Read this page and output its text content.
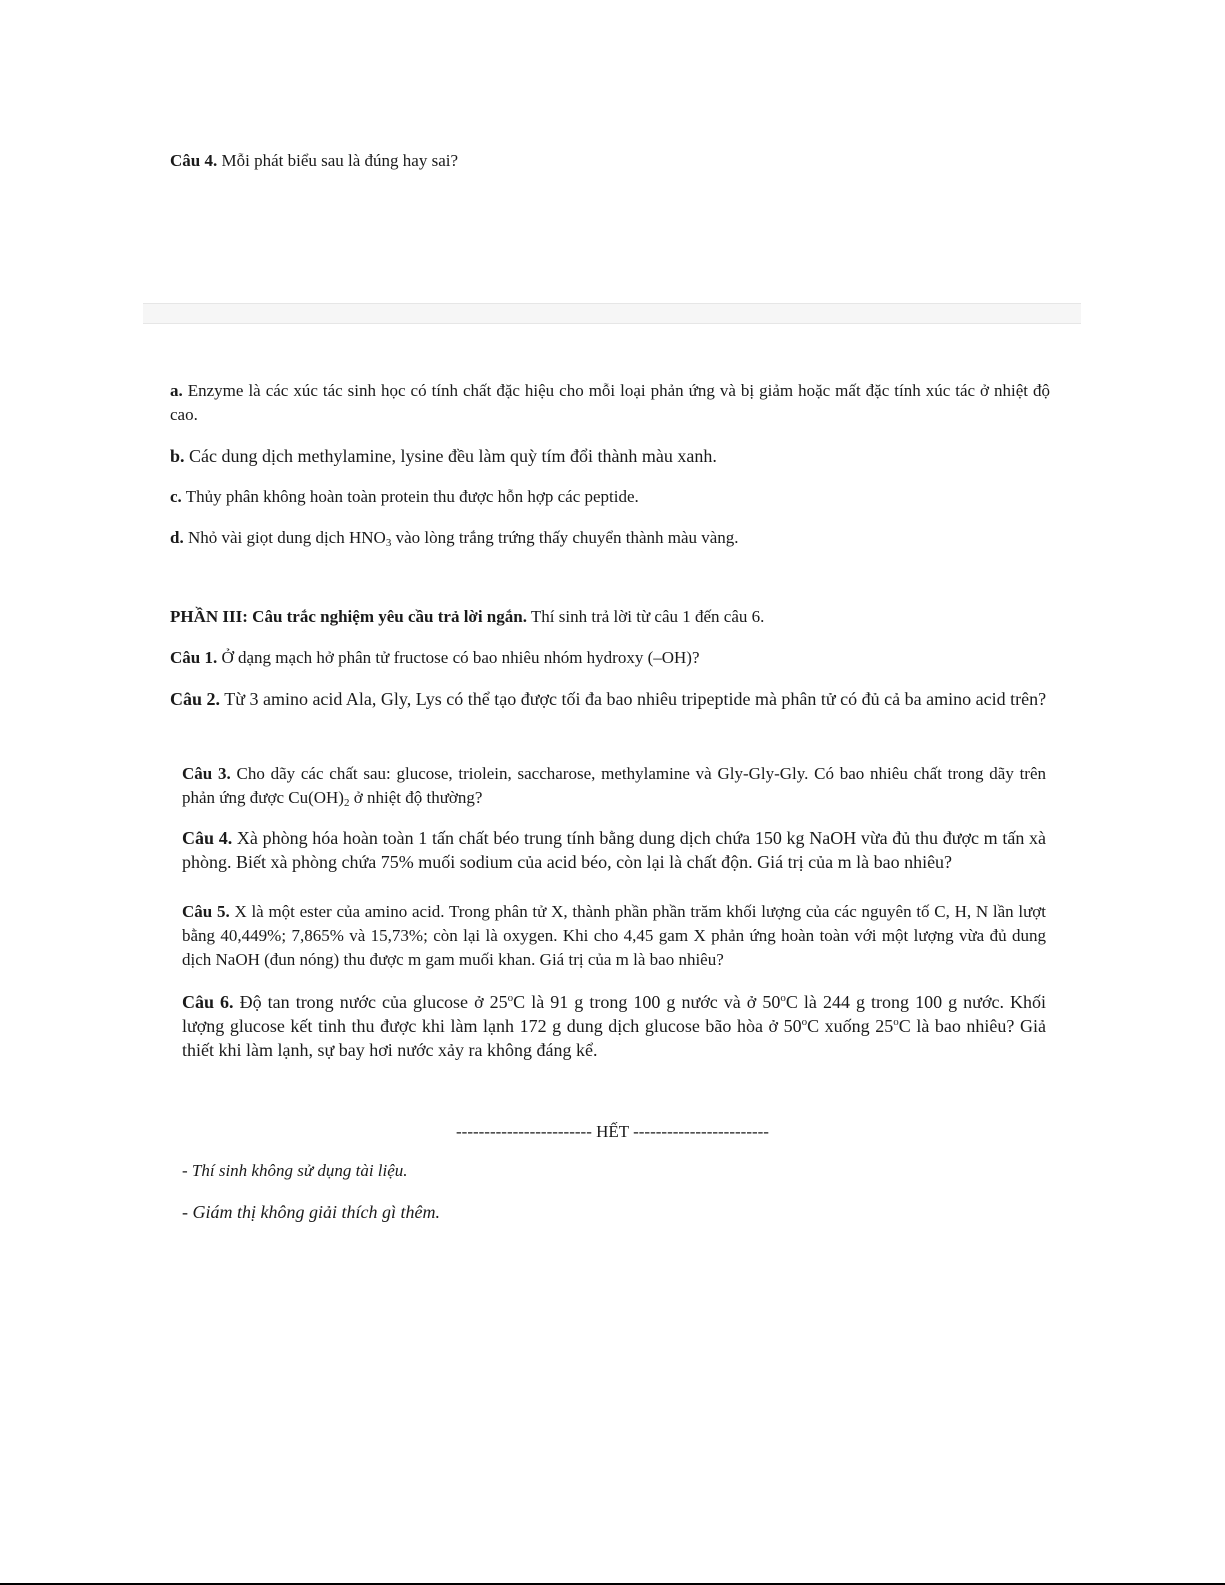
Câu 4. Mỗi phát biểu sau là đúng hay sai?
a. Enzyme là các xúc tác sinh học có tính chất đặc hiệu cho mỗi loại phản ứng và bị giảm hoặc mất đặc tính xúc tác ở nhiệt độ cao.
b. Các dung dịch methylamine, lysine đều làm quỳ tím đổi thành màu xanh.
c. Thủy phân không hoàn toàn protein thu được hỗn hợp các peptide.
d. Nhỏ vài giọt dung dịch $HNO_3$ vào lòng trắng trứng thấy chuyển thành màu vàng.
PHẦN III: Câu trắc nghiệm yêu cầu trả lời ngắn. Thí sinh trả lời từ câu 1 đến câu 6.
Câu 1. Ở dạng mạch hở phân tử fructose có bao nhiêu nhóm hydroxy (–OH)?
Câu 2. Từ 3 amino acid Ala, Gly, Lys có thể tạo được tối đa bao nhiêu tripeptide mà phân tử có đủ cả ba amino acid trên?
Câu 3. Cho dãy các chất sau: glucose, triolein, saccharose, methylamine và Gly-Gly-Gly. Có bao nhiêu chất trong dãy trên phản ứng được $Cu(OH)_2$ ở nhiệt độ thường?
Câu 4. Xà phòng hóa hoàn toàn 1 tấn chất béo trung tính bằng dung dịch chứa 150 kg NaOH vừa đủ thu được m tấn xà phòng. Biết xà phòng chứa 75% muối sodium của acid béo, còn lại là chất độn. Giá trị của m là bao nhiêu?
Câu 5. X là một ester của amino acid. Trong phân tử X, thành phần phần trăm khối lượng của các nguyên tố C, H, N lần lượt bằng 40,449%; 7,865% và 15,73%; còn lại là oxygen. Khi cho 4,45 gam X phản ứng hoàn toàn với một lượng vừa đủ dung dịch NaOH (đun nóng) thu được m gam muối khan. Giá trị của m là bao nhiêu?
Câu 6. Độ tan trong nước của glucose ở 25$^o$C là 91 g trong 100 g nước và ở 50$^o$C là 244 g trong 100 g nước. Khối lượng glucose kết tinh thu được khi làm lạnh 172 g dung dịch glucose bão hòa ở 50$^o$C xuống 25$^o$C là bao nhiêu? Giả thiết khi làm lạnh, sự bay hơi nước xảy ra không đáng kể.
------------------------ HẾT ------------------------
- Thí sinh không sử dụng tài liệu.
- Giám thị không giải thích gì thêm.
